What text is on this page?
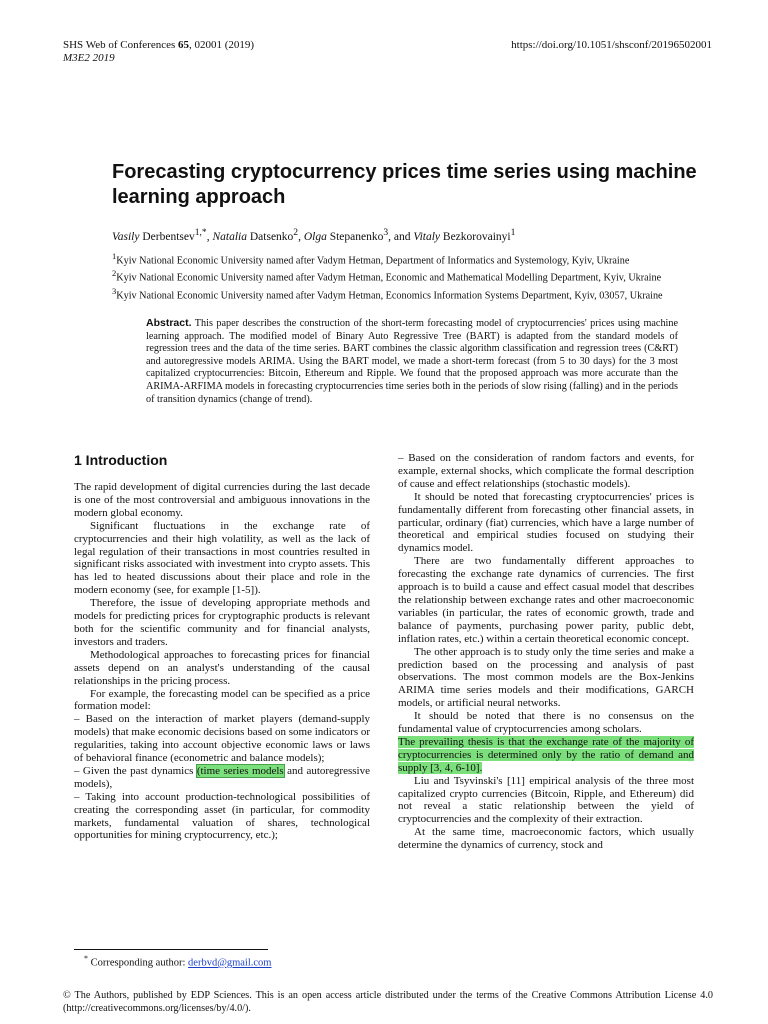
SHS Web of Conferences 65, 02001 (2019)
M3E2 2019
https://doi.org/10.1051/shsconf/20196502001
Forecasting cryptocurrency prices time series using machine learning approach
Vasily Derbentsev$^{1,*}$, Natalia Datsenko$^2$, Olga Stepanenko$^3$, and Vitaly Bezkorovainyi$^1$
$^1$Kyiv National Economic University named after Vadym Hetman, Department of Informatics and Systemology, Kyiv, Ukraine
$^2$Kyiv National Economic University named after Vadym Hetman, Economic and Mathematical Modelling Department, Kyiv, Ukraine
$^3$Kyiv National Economic University named after Vadym Hetman, Economics Information Systems Department, Kyiv, 03057, Ukraine
Abstract. This paper describes the construction of the short-term forecasting model of cryptocurrencies' prices using machine learning approach. The modified model of Binary Auto Regressive Tree (BART) is adapted from the standard models of regression trees and the data of the time series. BART combines the classic algorithm classification and regression trees (C&RT) and autoregressive models ARIMA. Using the BART model, we made a short-term forecast (from 5 to 30 days) for the 3 most capitalized cryptocurrencies: Bitcoin, Ethereum and Ripple. We found that the proposed approach was more accurate than the ARIMA-ARFIMA models in forecasting cryptocurrencies time series both in the periods of slow rising (falling) and in the periods of transition dynamics (change of trend).
1 Introduction

The rapid development of digital currencies during the last decade is one of the most controversial and ambiguous innovations in the modern global economy.

Significant fluctuations in the exchange rate of cryptocurrencies and their high volatility, as well as the lack of legal regulation of their transactions in most countries resulted in significant risks associated with investment into crypto assets. This has led to heated discussions about their place and role in the modern economy (see, for example [1-5]).

Therefore, the issue of developing appropriate methods and models for predicting prices for cryptographic products is relevant both for the scientific community and for financial analysts, investors and traders.

Methodological approaches to forecasting prices for financial assets depend on an analyst's understanding of the causal relationships in the pricing process.

For example, the forecasting model can be specified as a price formation model:

– Based on the interaction of market players (demand-supply models) that make economic decisions based on some indicators or regularities, taking into account objective economic laws or laws of behavioral finance (econometric and balance models);

– Given the past dynamics (time series models and autoregressive models),

– Taking into account production-technological possibilities of creating the corresponding asset (in particular, for commodity markets, fundamental valuation of shares, technological opportunities for mining cryptocurrency, etc.);

– Based on the consideration of random factors and events, for example, external shocks, which complicate the formal description of cause and effect relationships (stochastic models).

It should be noted that forecasting cryptocurrencies' prices is fundamentally different from forecasting other financial assets, in particular, ordinary (fiat) currencies, which have a large number of theoretical and empirical studies focused on studying their dynamics model.

There are two fundamentally different approaches to forecasting the exchange rate dynamics of currencies. The first approach is to build a cause and effect casual model that describes the relationship between exchange rates and other macroeconomic variables (in particular, the rates of economic growth, trade and balance of payments, purchasing power parity, public debt, inflation rates, etc.) within a certain theoretical economic concept.

The other approach is to study only the time series and make a prediction based on the processing and analysis of past observations. The most common models are the Box-Jenkins ARIMA time series models and their modifications, GARCH models, or artificial neural networks.

It should be noted that there is no consensus on the fundamental value of cryptocurrencies among scholars.

The prevailing thesis is that the exchange rate of the majority of cryptocurrencies is determined only by the ratio of demand and supply [3, 4, 6-10].

Liu and Tsyvinski's [11] empirical analysis of the three most capitalized crypto currencies (Bitcoin, Ripple, and Ethereum) did not reveal a static relationship between the yield of cryptocurrencies and the complexity of their extraction.

At the same time, macroeconomic factors, which usually determine the dynamics of currency, stock and

* Corresponding author: derbvd@gmail.com
© The Authors, published by EDP Sciences. This is an open access article distributed under the terms of the Creative Commons Attribution License 4.0 (http://creativecommons.org/licenses/by/4.0/).
